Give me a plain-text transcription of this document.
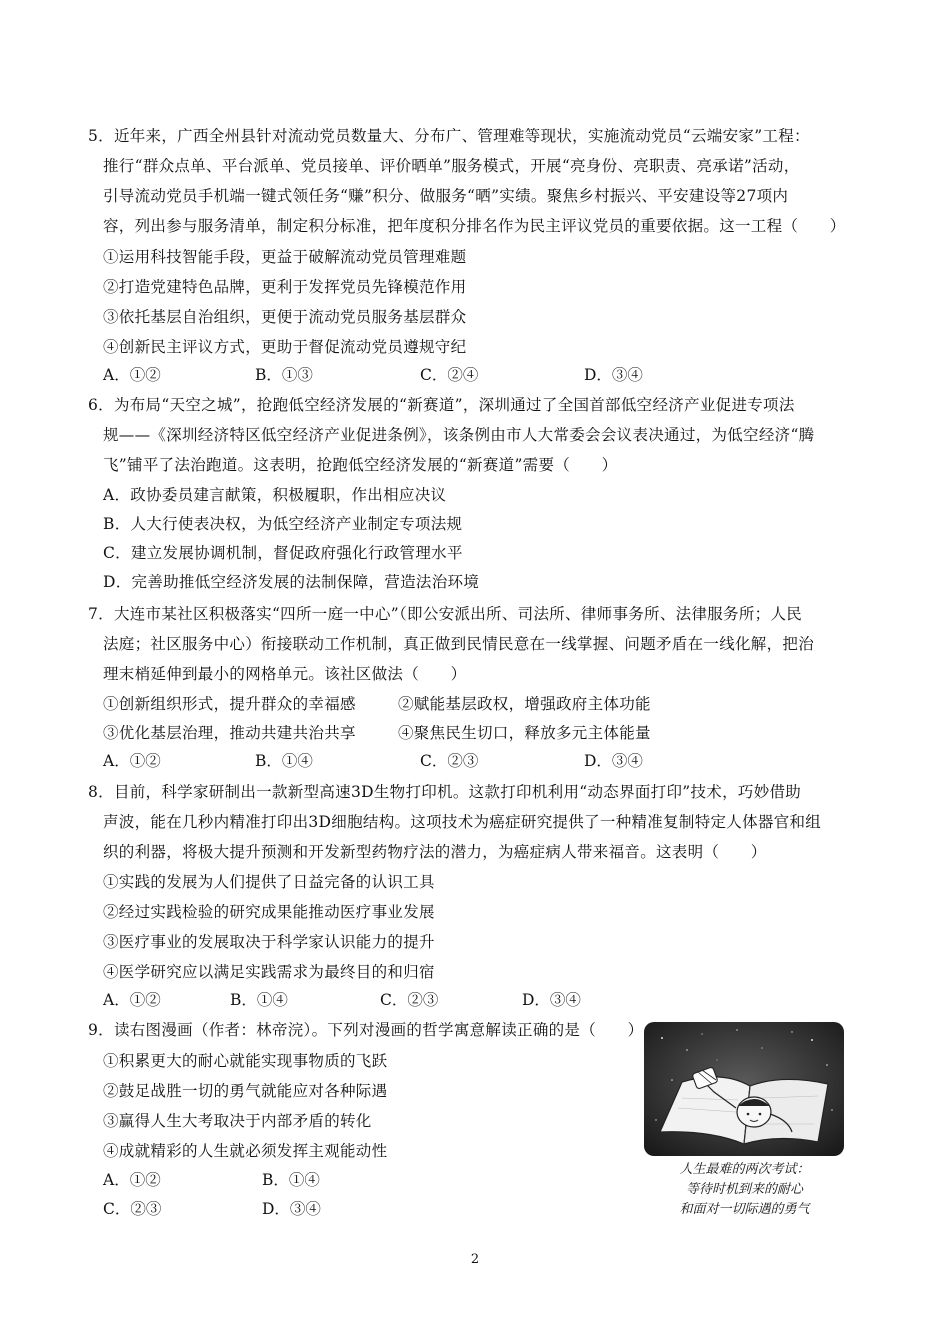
5．近年来，广西全州县针对流动党员数量大、分布广、管理难等现状，实施流动党员“云端安家”工程：
推行“群众点单、平台派单、党员接单、评价晒单”服务模式，开展“亮身份、亮职责、亮承诺”活动，
引导流动党员手机端一键式领任务“赚”积分、做服务“晒”实绩。聚焦乡村振兴、平安建设等27项内
容，列出参与服务清单，制定积分标准，把年度积分排名作为民主评议党员的重要依据。这一工程（　　）
①运用科技智能手段，更益于破解流动党员管理难题
②打造党建特色品牌，更利于发挥党员先锋模范作用
③依托基层自治组织，更便于流动党员服务基层群众
④创新民主评议方式，更助于督促流动党员遵规守纪
A．①②	B．①③	C．②④	D．③④
6．为布局“天空之城”，抢跑低空经济发展的“新赛道”，深圳通过了全国首部低空经济产业促进专项法
规——《深圳经济特区低空经济产业促进条例》，该条例由市人大常委会会议表决通过，为低空经济“腾
飞”铺平了法治跑道。这表明，抢跑低空经济发展的“新赛道”需要（　　）
A．政协委员建言献策，积极履职，作出相应决议
B．人大行使表决权，为低空经济产业制定专项法规
C．建立发展协调机制，督促政府强化行政管理水平
D．完善助推低空经济发展的法制保障，营造法治环境
7．大连市某社区积极落实“四所一庭一中心”（即公安派出所、司法所、律师事务所、法律服务所；人民
法庭；社区服务中心）衔接联动工作机制，真正做到民情民意在一线掌握、问题矛盾在一线化解，把治
理末梢延伸到最小的网格单元。该社区做法（　　）
①创新组织形式，提升群众的幸福感	②赋能基层政权，增强政府主体功能
③优化基层治理，推动共建共治共享	④聚焦民生切口，释放多元主体能量
A．①②	B．①④	C．②③	D．③④
8．目前，科学家研制出一款新型高速3D生物打印机。这款打印机利用“动态界面打印”技术，巧妙借助
声波，能在几秒内精准打印出3D细胞结构。这项技术为癌症研究提供了一种精准复制特定人体器官和组
织的利器，将极大提升预测和开发新型药物疗法的潜力，为癌症病人带来福音。这表明（　　）
①实践的发展为人们提供了日益完备的认识工具
②经过实践检验的研究成果能推动医疗事业发展
③医疗事业的发展取决于科学家认识能力的提升
④医学研究应以满足实践需求为最终目的和归宿
A．①②	B．①④	C．②③	D．③④
9．读右图漫画（作者：林帝浣）。下列对漫画的哲学寓意解读正确的是（　　）
①积累更大的耐心就能实现事物质的飞跃
②鼓足战胜一切的勇气就能应对各种际遇
③赢得人生大考取决于内部矛盾的转化
④成就精彩的人生就必须发挥主观能动性
A．①②	B．①④
C．②③	D．③④
人生最难的两次考试：
等待时机到来的耐心
和面对一切际遇的勇气
2
